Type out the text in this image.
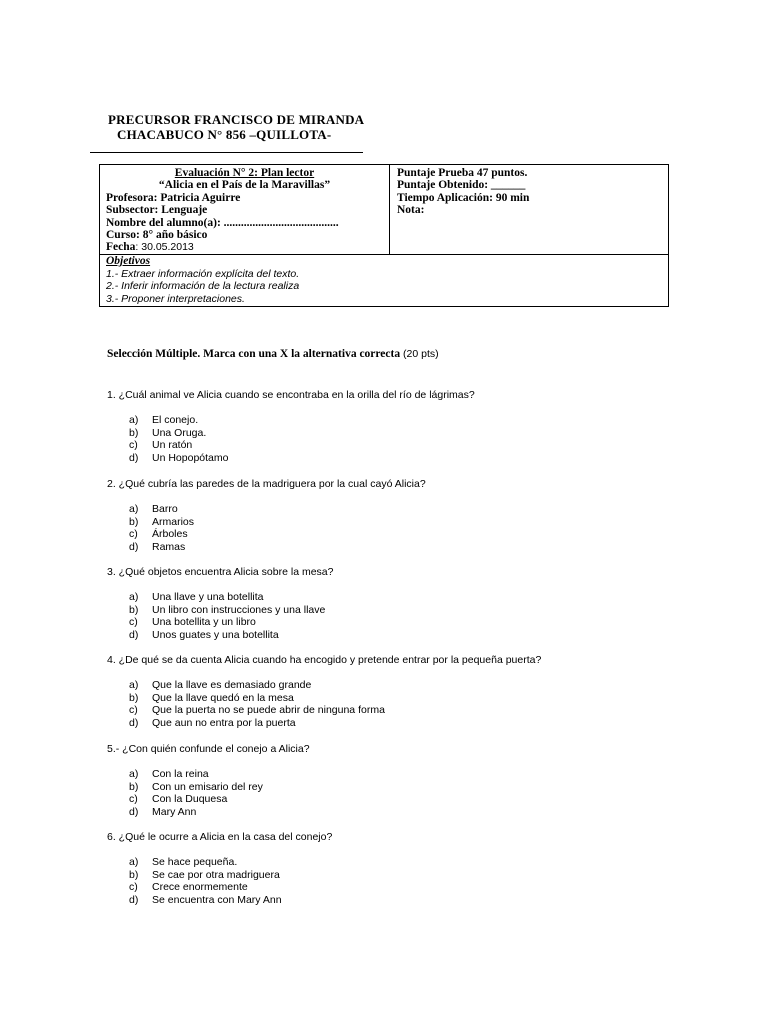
PRECURSOR FRANCISCO DE MIRANDA
CHACABUCO N° 856 –QUILLOTA-
Evaluación N° 2: Plan lector
“Alicia en el País de la Maravillas”
Profesora: Patricia Aguirre
Subsector: Lenguaje
Nombre del alumno(a): ........................................
Curso: 8° año básico
Fecha: 30.05.2013
Puntaje Prueba 47 puntos.
Puntaje Obtenido: ______
Tiempo Aplicación: 90 min
Nota:
Objetivos
1.- Extraer información explícita del texto.
2.- Inferir información de la lectura realiza
3.- Proponer interpretaciones.
Selección Múltiple. Marca con una X la alternativa correcta (20 pts)
1. ¿Cuál animal ve Alicia cuando se encontraba en la orilla del río de lágrimas?
a) El conejo.
b) Una Oruga.
c) Un ratón
d) Un Hopopótamo
2. ¿Qué cubría las paredes de la madriguera por la cual cayó Alicia?
a) Barro
b) Armarios
c) Árboles
d) Ramas
3. ¿Qué objetos encuentra Alicia sobre la mesa?
a) Una llave y una botellita
b) Un libro con instrucciones y una llave
c) Una botellita y un libro
d) Unos guates y una botellita
4. ¿De qué se da cuenta Alicia cuando ha encogido y pretende entrar por la pequeña puerta?
a) Que la llave es demasiado grande
b) Que la llave quedó en la mesa
c) Que la puerta no se puede abrir de ninguna forma
d) Que aun no entra por la puerta
5.- ¿Con quién confunde el conejo a Alicia?
a) Con la reina
b) Con un emisario del rey
c) Con la Duquesa
d) Mary Ann
6. ¿Qué le ocurre a Alicia en la casa del conejo?
a) Se hace pequeña.
b) Se cae por otra madriguera
c) Crece enormemente
d) Se encuentra con Mary Ann
